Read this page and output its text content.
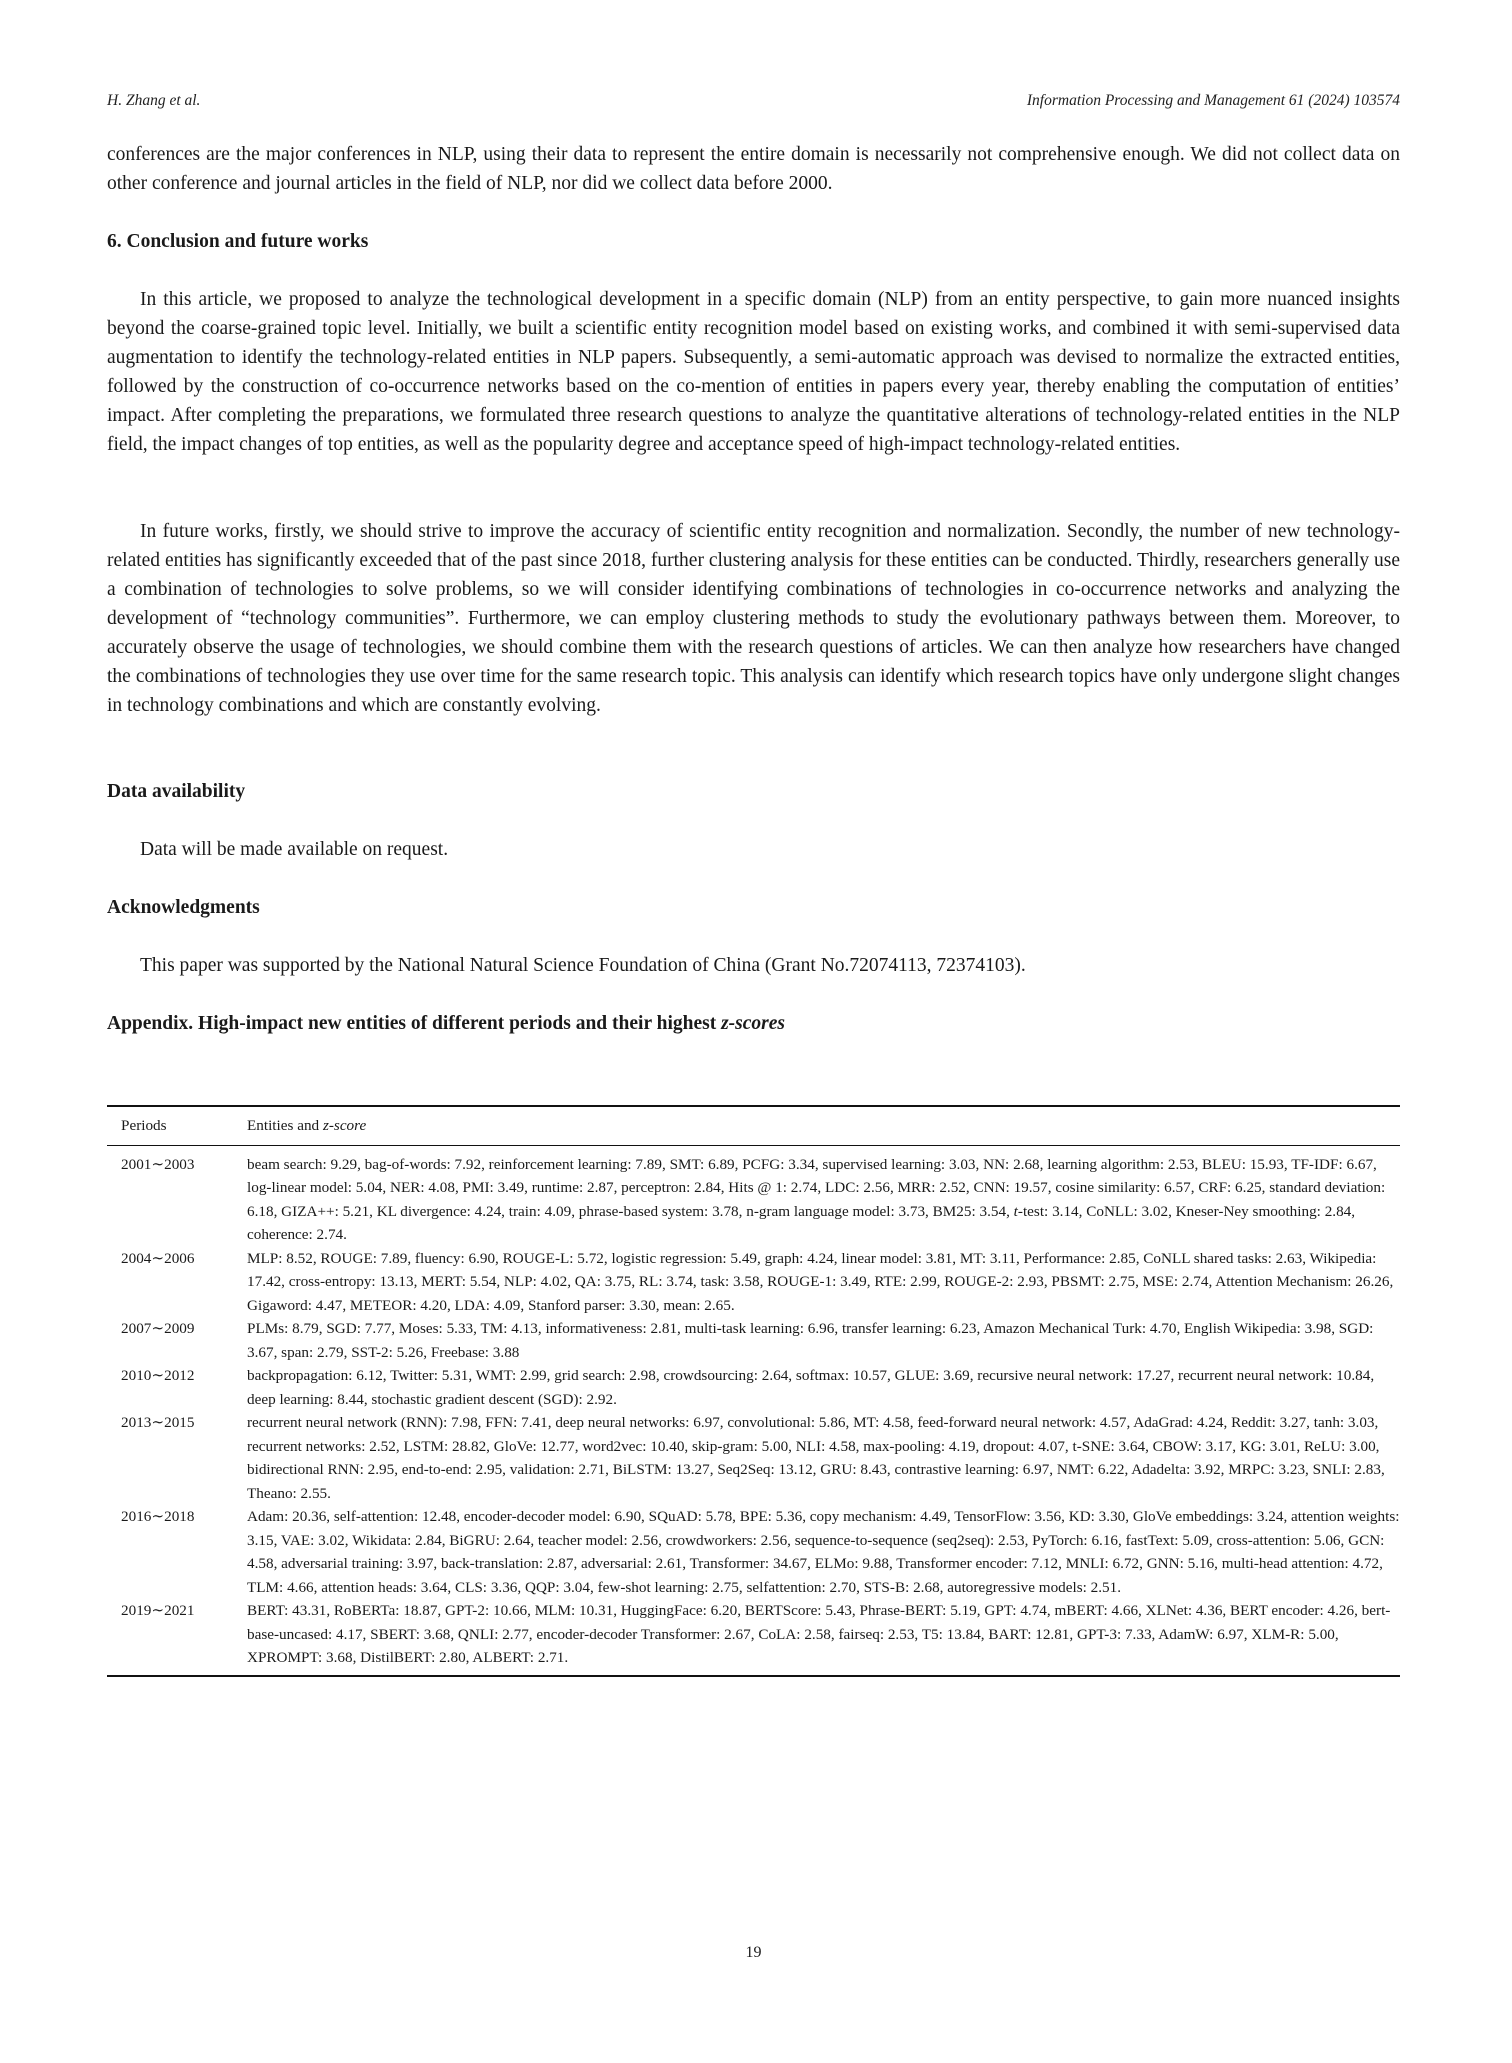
H. Zhang et al.	Information Processing and Management 61 (2024) 103574

conferences are the major conferences in NLP, using their data to represent the entire domain is necessarily not comprehensive enough. We did not collect data on other conference and journal articles in the field of NLP, nor did we collect data before 2000.

6. Conclusion and future works

In this article, we proposed to analyze the technological development in a specific domain (NLP) from an entity perspective, to gain more nuanced insights beyond the coarse-grained topic level. Initially, we built a scientific entity recognition model based on existing works, and combined it with semi-supervised data augmentation to identify the technology-related entities in NLP papers. Subsequently, a semi-automatic approach was devised to normalize the extracted entities, followed by the construction of co-occurrence networks based on the co-mention of entities in papers every year, thereby enabling the computation of entities’ impact. After completing the preparations, we formulated three research questions to analyze the quantitative alterations of technology-related entities in the NLP field, the impact changes of top entities, as well as the popularity degree and acceptance speed of high-impact technology-related entities.

In future works, firstly, we should strive to improve the accuracy of scientific entity recognition and normalization. Secondly, the number of new technology-related entities has significantly exceeded that of the past since 2018, further clustering analysis for these entities can be conducted. Thirdly, researchers generally use a combination of technologies to solve problems, so we will consider identifying combinations of technologies in co-occurrence networks and analyzing the development of “technology communities”. Furthermore, we can employ clustering methods to study the evolutionary pathways between them. Moreover, to accurately observe the usage of technologies, we should combine them with the research questions of articles. We can then analyze how researchers have changed the combinations of technologies they use over time for the same research topic. This analysis can identify which research topics have only undergone slight changes in technology combinations and which are constantly evolving.

Data availability

Data will be made available on request.

Acknowledgments

This paper was supported by the National Natural Science Foundation of China (Grant No.72074113, 72374103).

Appendix. High-impact new entities of different periods and their highest z-scores
Periods	Entities and z-score
2001∼2003	beam search: 9.29, bag-of-words: 7.92, reinforcement learning: 7.89, SMT: 6.89, PCFG: 3.34, supervised learning: 3.03, NN: 2.68, learning algorithm: 2.53, BLEU: 15.93, TF-IDF: 6.67, log-linear model: 5.04, NER: 4.08, PMI: 3.49, runtime: 2.87, perceptron: 2.84, Hits @ 1: 2.74, LDC: 2.56, MRR: 2.52, CNN: 19.57, cosine similarity: 6.57, CRF: 6.25, standard deviation: 6.18, GIZA++: 5.21, KL divergence: 4.24, train: 4.09, phrase-based system: 3.78, n-gram language model: 3.73, BM25: 3.54, t-test: 3.14, CoNLL: 3.02, Kneser-Ney smoothing: 2.84, coherence: 2.74.
2004∼2006	MLP: 8.52, ROUGE: 7.89, fluency: 6.90, ROUGE-L: 5.72, logistic regression: 5.49, graph: 4.24, linear model: 3.81, MT: 3.11, Performance: 2.85, CoNLL shared tasks: 2.63, Wikipedia: 17.42, cross-entropy: 13.13, MERT: 5.54, NLP: 4.02, QA: 3.75, RL: 3.74, task: 3.58, ROUGE-1: 3.49, RTE: 2.99, ROUGE-2: 2.93, PBSMT: 2.75, MSE: 2.74, Attention Mechanism: 26.26, Gigaword: 4.47, METEOR: 4.20, LDA: 4.09, Stanford parser: 3.30, mean: 2.65.
2007∼2009	PLMs: 8.79, SGD: 7.77, Moses: 5.33, TM: 4.13, informativeness: 2.81, multi-task learning: 6.96, transfer learning: 6.23, Amazon Mechanical Turk: 4.70, English Wikipedia: 3.98, SGD: 3.67, span: 2.79, SST-2: 5.26, Freebase: 3.88
2010∼2012	backpropagation: 6.12, Twitter: 5.31, WMT: 2.99, grid search: 2.98, crowdsourcing: 2.64, softmax: 10.57, GLUE: 3.69, recursive neural network: 17.27, recurrent neural network: 10.84, deep learning: 8.44, stochastic gradient descent (SGD): 2.92.
2013∼2015	recurrent neural network (RNN): 7.98, FFN: 7.41, deep neural networks: 6.97, convolutional: 5.86, MT: 4.58, feed-forward neural network: 4.57, AdaGrad: 4.24, Reddit: 3.27, tanh: 3.03, recurrent networks: 2.52, LSTM: 28.82, GloVe: 12.77, word2vec: 10.40, skip-gram: 5.00, NLI: 4.58, max-pooling: 4.19, dropout: 4.07, t-SNE: 3.64, CBOW: 3.17, KG: 3.01, ReLU: 3.00, bidirectional RNN: 2.95, end-to-end: 2.95, validation: 2.71, BiLSTM: 13.27, Seq2Seq: 13.12, GRU: 8.43, contrastive learning: 6.97, NMT: 6.22, Adadelta: 3.92, MRPC: 3.23, SNLI: 2.83, Theano: 2.55.
2016∼2018	Adam: 20.36, self-attention: 12.48, encoder-decoder model: 6.90, SQuAD: 5.78, BPE: 5.36, copy mechanism: 4.49, TensorFlow: 3.56, KD: 3.30, GloVe embeddings: 3.24, attention weights: 3.15, VAE: 3.02, Wikidata: 2.84, BiGRU: 2.64, teacher model: 2.56, crowdworkers: 2.56, sequence-to-sequence (seq2seq): 2.53, PyTorch: 6.16, fastText: 5.09, cross-attention: 5.06, GCN: 4.58, adversarial training: 3.97, back-translation: 2.87, adversarial: 2.61, Transformer: 34.67, ELMo: 9.88, Transformer encoder: 7.12, MNLI: 6.72, GNN: 5.16, multi-head attention: 4.72, TLM: 4.66, attention heads: 3.64, CLS: 3.36, QQP: 3.04, few-shot learning: 2.75, selfattention: 2.70, STS-B: 2.68, autoregressive models: 2.51.
2019∼2021	BERT: 43.31, RoBERTa: 18.87, GPT-2: 10.66, MLM: 10.31, HuggingFace: 6.20, BERTScore: 5.43, Phrase-BERT: 5.19, GPT: 4.74, mBERT: 4.66, XLNet: 4.36, BERT encoder: 4.26, bert-base-uncased: 4.17, SBERT: 3.68, QNLI: 2.77, encoder-decoder Transformer: 2.67, CoLA: 2.58, fairseq: 2.53, T5: 13.84, BART: 12.81, GPT-3: 7.33, AdamW: 6.97, XLM-R: 5.00, XPROMPT: 3.68, DistilBERT: 2.80, ALBERT: 2.71.
19
